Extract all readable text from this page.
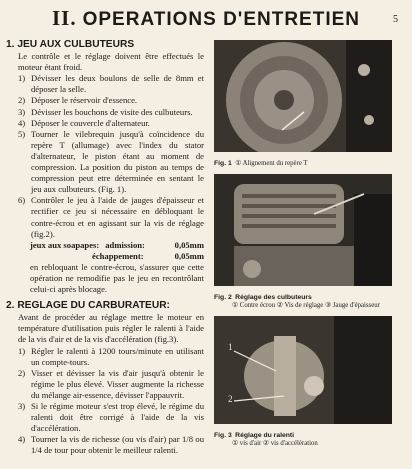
II. OPERATIONS D'ENTRETIEN	5
1. JEU AUX CULBUTEURS
Le contrôle et le réglage doivent être effectués le moteur étant froid.
1) Dévisser les deux boulons de selle de 8mm et déposer la selle.
2) Déposer le réservoir d'essence.
3) Dévisser les bouchons de visite des culbuteurs.
4) Déposer le couvercle d'alternateur.
5) Tourner le vilebrequin jusqu'à coïncidence du repère T (allumage) avec l'index du stator d'alternateur, le piston étant au moment de compression. La position du piston au temps de compression peut etre déterminée en sentant le jeu aux culbuteurs. (Fig. 1).
6) Contrôler le jeu à l'aide de jauges d'épaisseur et rectifier ce jeu si nécessaire en débloquant le contre-écrou et en agissant sur la vis de réglage (fig.2).
jeux aux soapapes: admission:	0,05mm
échappement:	0,05mm
en rebloquant le contre-écrou, s'assurer que cette opération ne remodifie pas le jeu en recontrôlant celui-ci après blocage.
2. REGLAGE DU CARBURATEUR:
Avant de procéder au réglage mettre le moteur en température d'utilisation puis régler le ralenti à l'aide de la vis d'air et de la vis d'accélération (fig.3).
1) Régler le ralenti à 1200 tours/minute en utilisant un compte-tours.
2) Visser et dévisser la vis d'air jusqu'à obtenir le régime le plus élevé. Visser augmente la richesse du mélange air-essence, dévisser l'appauvrit.
3) Si le régime moteur s'est trop élevé, le régime du ralenti doit être corrigé à l'aide de la vis d'accélération.
4) Tourner la vis de richesse (ou vis d'air) par 1/8 ou 1/4 de tour pour obtenir le meilleur ralenti.
Fig. 1 ① Alignement du repère T
Fig. 2 Réglage des culbuteurs
① Contre écrou ② Vis de réglage ③ Jauge d'épaisseur
1
2
Fig. 3 Réglage du ralenti
① vis d'air ② vis d'accélération
